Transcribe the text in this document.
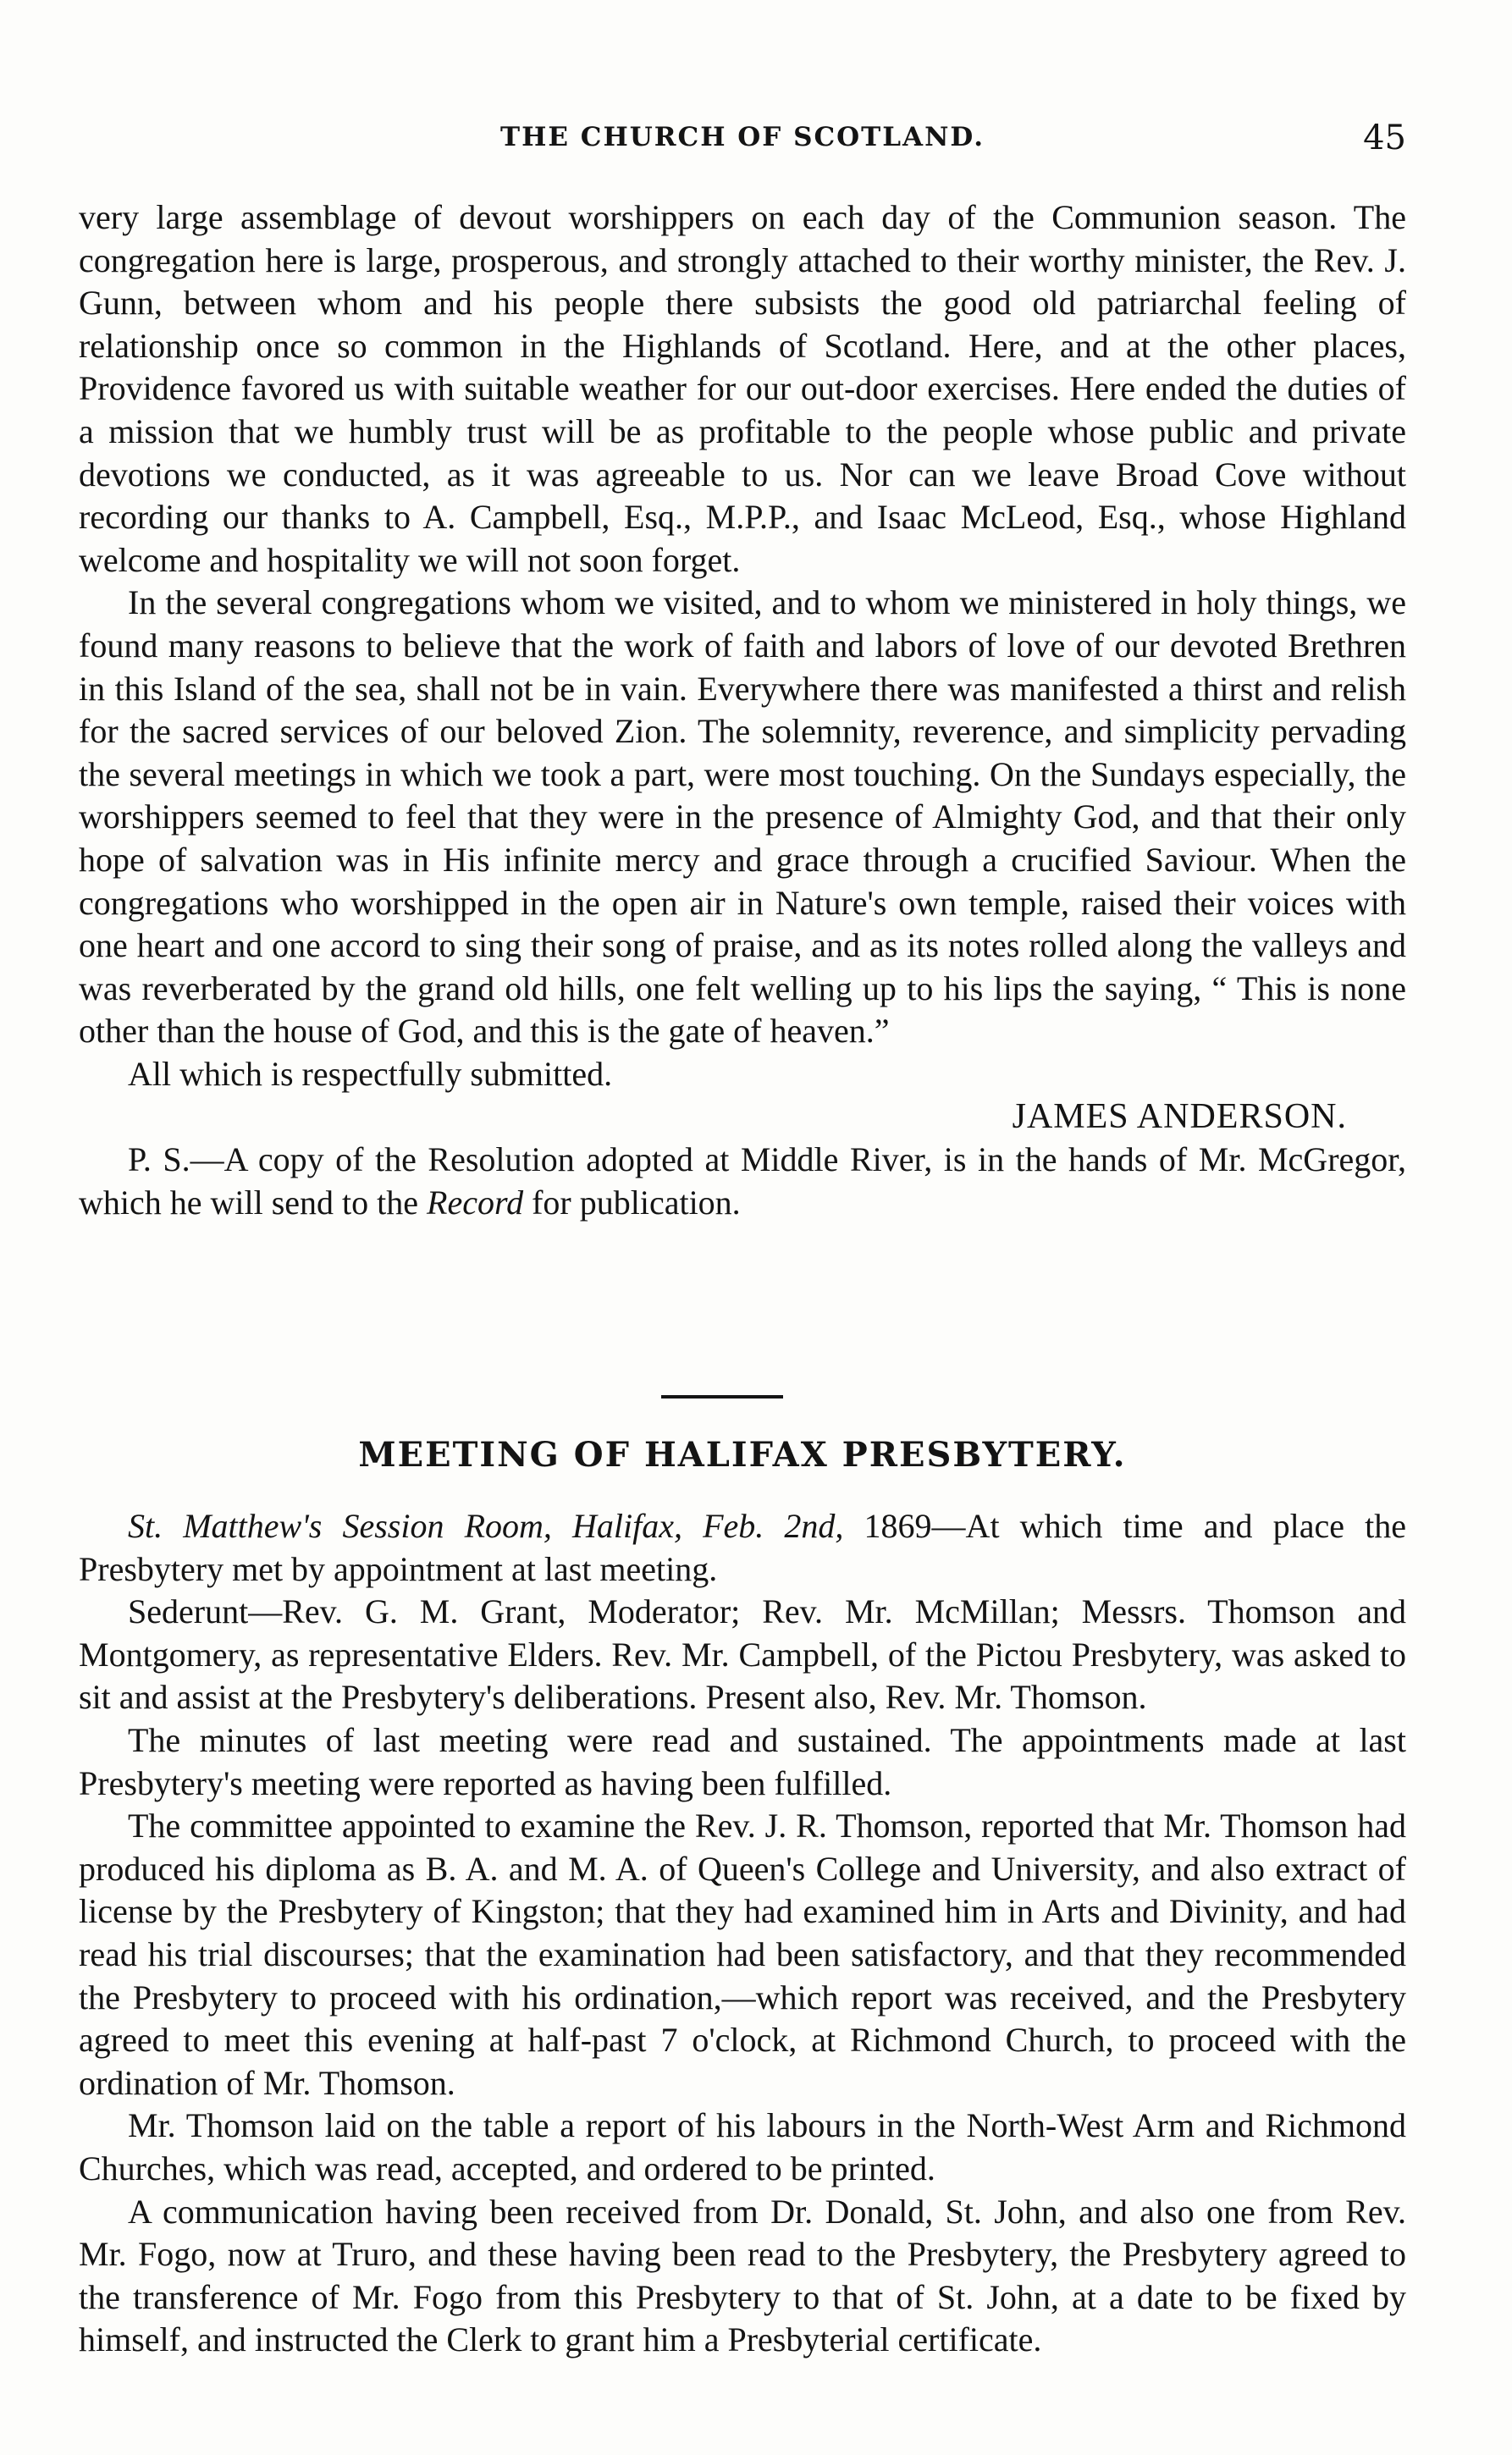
THE CHURCH OF SCOTLAND.	45

very large assemblage of devout worshippers on each day of the Communion season. The congregation here is large, prosperous, and strongly attached to their worthy minister, the Rev. J. Gunn, between whom and his people there subsists the good old patriarchal feeling of relationship once so common in the Highlands of Scotland. Here, and at the other places, Providence favored us with suitable weather for our out-door exercises. Here ended the duties of a mission that we humbly trust will be as profitable to the people whose public and private devotions we conducted, as it was agreeable to us. Nor can we leave Broad Cove without recording our thanks to A. Campbell, Esq., M.P.P., and Isaac McLeod, Esq., whose Highland welcome and hospitality we will not soon forget.

In the several congregations whom we visited, and to whom we ministered in holy things, we found many reasons to believe that the work of faith and labors of love of our devoted Brethren in this Island of the sea, shall not be in vain. Everywhere there was manifested a thirst and relish for the sacred services of our beloved Zion. The solemnity, reverence, and simplicity pervading the several meetings in which we took a part, were most touching. On the Sundays especially, the worshippers seemed to feel that they were in the presence of Almighty God, and that their only hope of salvation was in His infinite mercy and grace through a crucified Saviour. When the congregations who worshipped in the open air in Nature's own temple, raised their voices with one heart and one accord to sing their song of praise, and as its notes rolled along the valleys and was reverberated by the grand old hills, one felt welling up to his lips the saying, “ This is none other than the house of God, and this is the gate of heaven.”

All which is respectfully submitted.

JAMES ANDERSON.

P. S.—A copy of the Resolution adopted at Middle River, is in the hands of Mr. McGregor, which he will send to the Record for publication.

MEETING OF HALIFAX PRESBYTERY.

St. Matthew's Session Room, Halifax, Feb. 2nd, 1869—At which time and place the Presbytery met by appointment at last meeting.

Sederunt—Rev. G. M. Grant, Moderator; Rev. Mr. McMillan; Messrs. Thomson and Montgomery, as representative Elders. Rev. Mr. Campbell, of the Pictou Presbytery, was asked to sit and assist at the Presbytery's deliberations. Present also, Rev. Mr. Thomson.

The minutes of last meeting were read and sustained. The appointments made at last Presbytery's meeting were reported as having been fulfilled.

The committee appointed to examine the Rev. J. R. Thomson, reported that Mr. Thomson had produced his diploma as B. A. and M. A. of Queen's College and University, and also extract of license by the Presbytery of Kingston; that they had examined him in Arts and Divinity, and had read his trial discourses; that the examination had been satisfactory, and that they recommended the Presbytery to proceed with his ordination,—which report was received, and the Presbytery agreed to meet this evening at half-past 7 o'clock, at Richmond Church, to proceed with the ordination of Mr. Thomson.

Mr. Thomson laid on the table a report of his labours in the North-West Arm and Richmond Churches, which was read, accepted, and ordered to be printed.

A communication having been received from Dr. Donald, St. John, and also one from Rev. Mr. Fogo, now at Truro, and these having been read to the Presbytery, the Presbytery agreed to the transference of Mr. Fogo from this Presbytery to that of St. John, at a date to be fixed by himself, and instructed the Clerk to grant him a Presbyterial certificate.
